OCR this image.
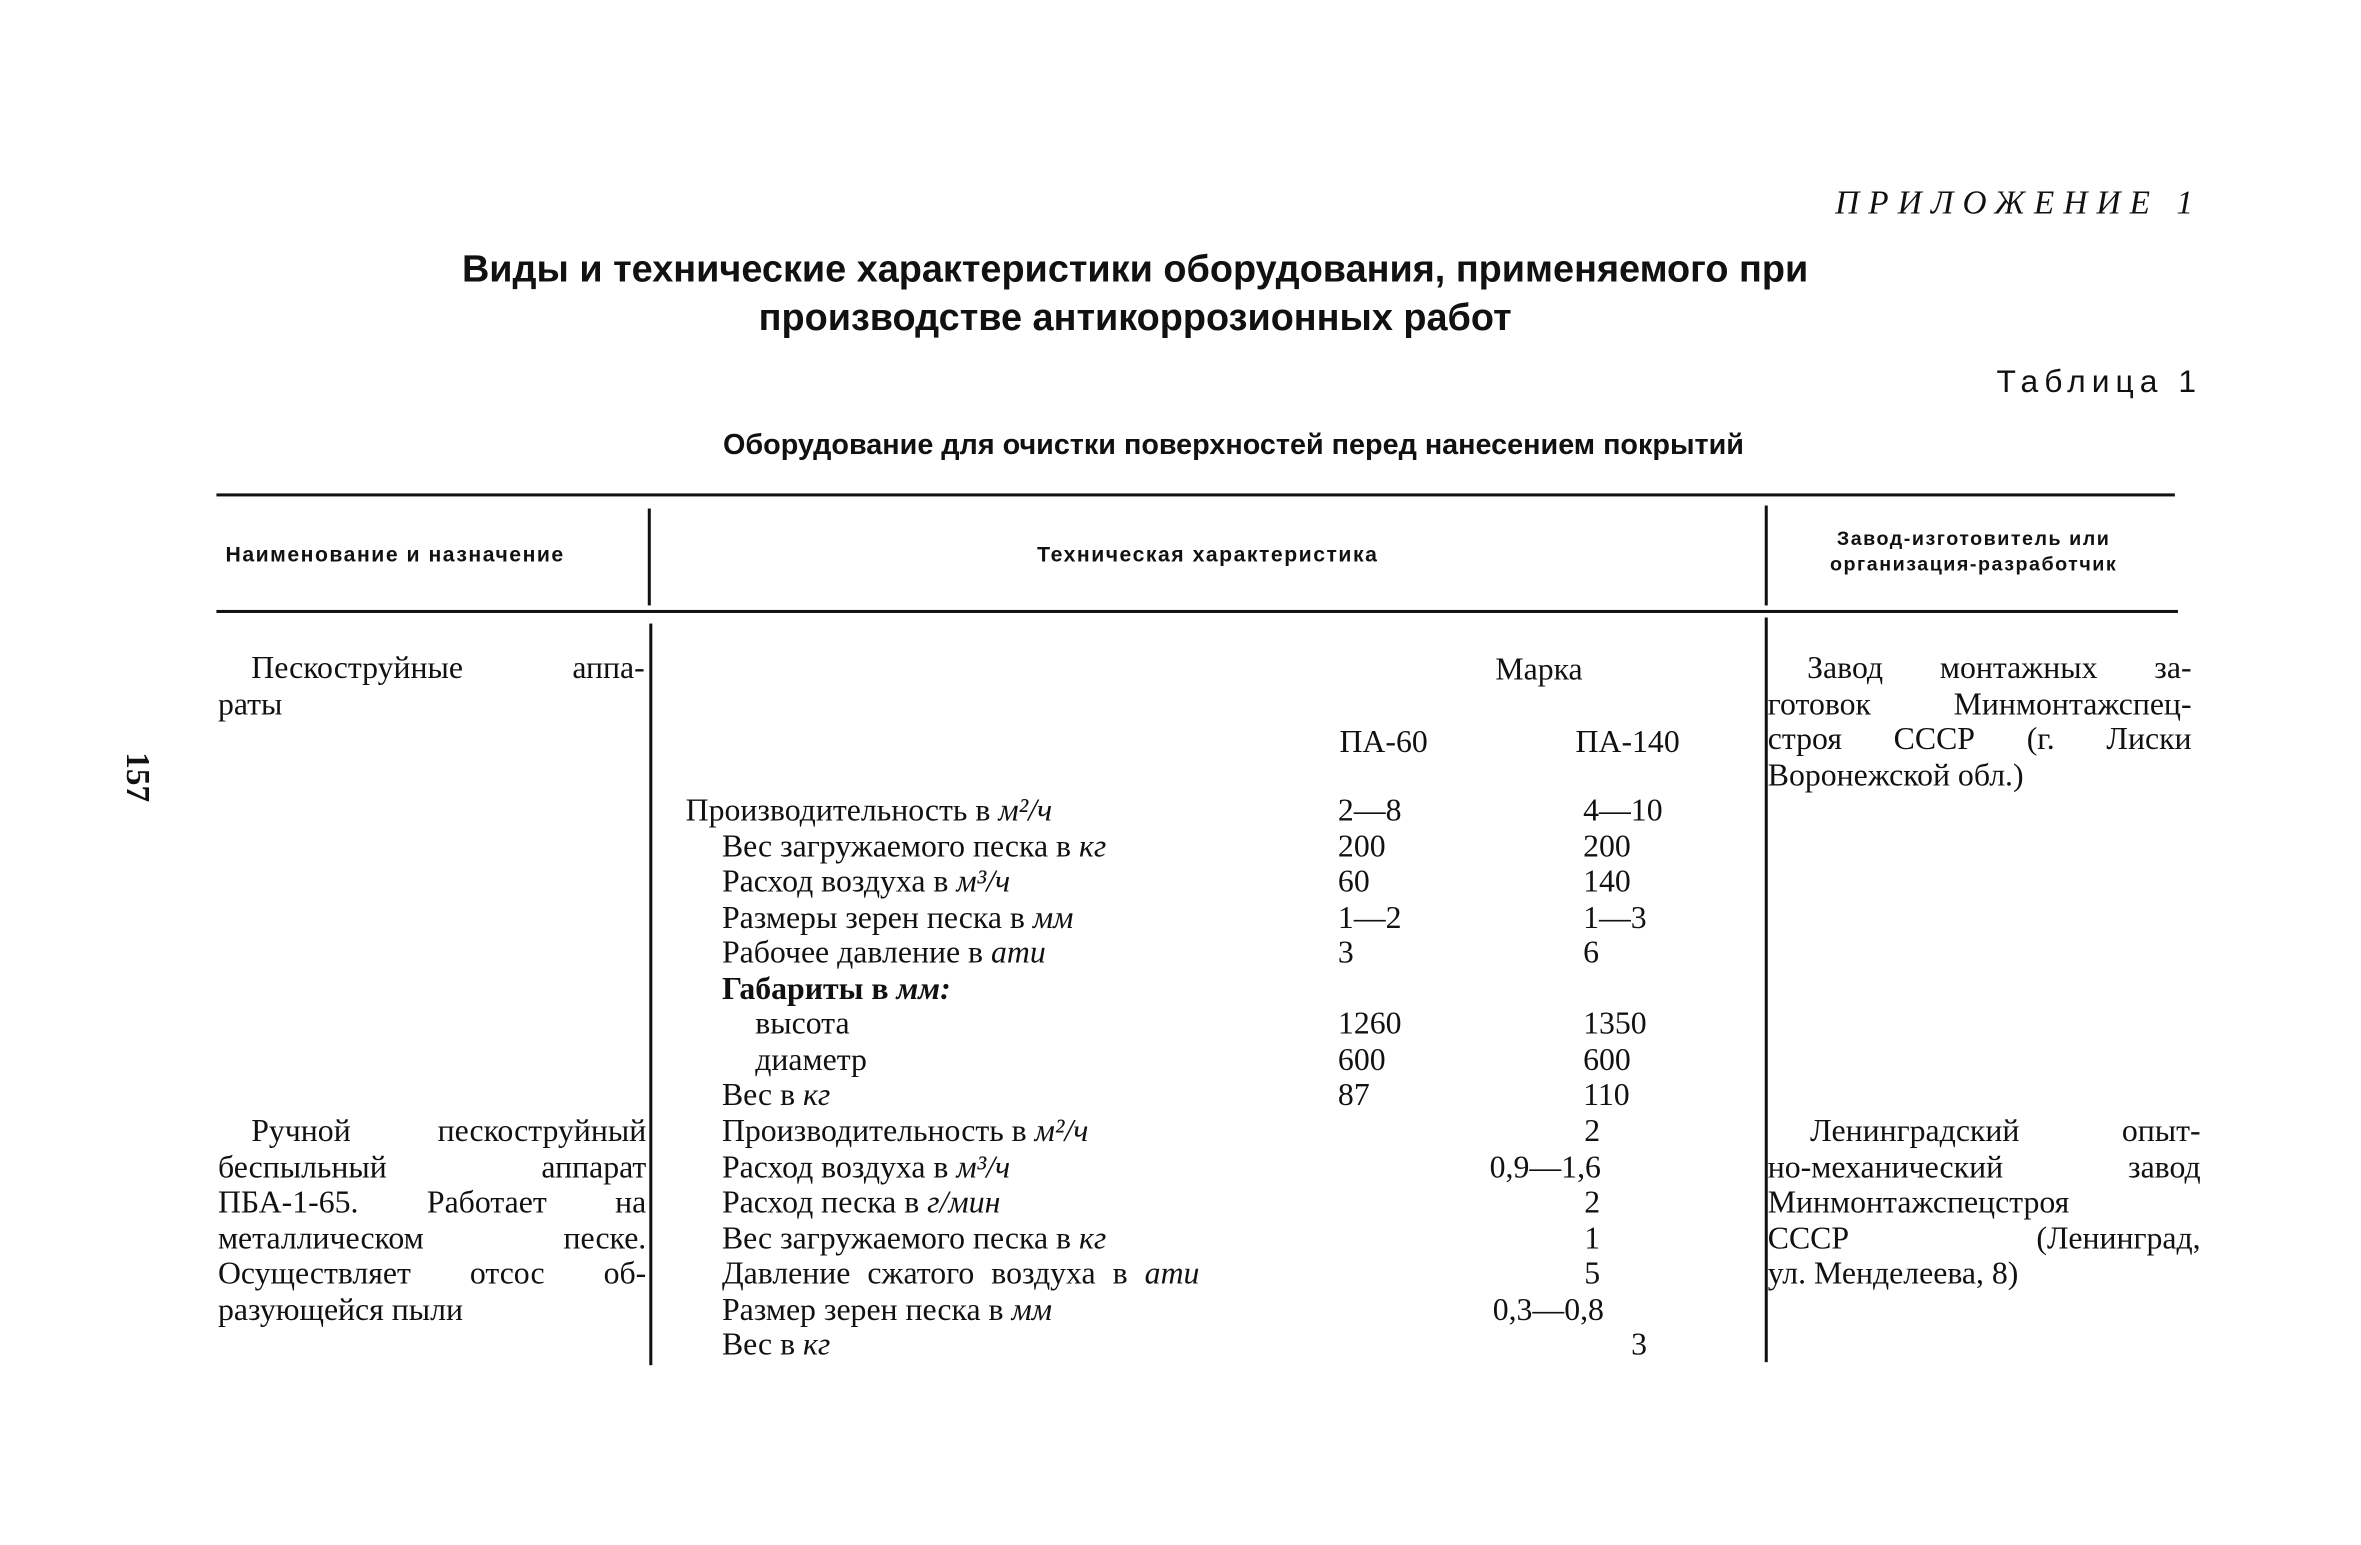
ПРИЛОЖЕНИЕ 1
Виды и технические характеристики оборудования, применяемого при
производстве антикоррозионных работ
Таблица 1
Оборудование для очистки поверхностей перед нанесением покрытий
157
Наименование и назначение	Техническая характеристика
Завод-изготовитель или
организация-разработчик
Пескоструйные аппа-
раты
Марка
ПА-60	ПА-140
Завод монтажных за-
готовок Минмонтажспец-
строя СССР (г. Лиски
Воронежской обл.)
Производительность в м²/ч	2—8	4—10
Вес загружаемого песка в кг	200	200
Расход воздуха в м³/ч	60	140
Размеры зерен песка в мм	1—2	1—3
Рабочее давление в ати	3	6
Габариты в мм:
высота	1260	1350
диаметр	600	600
Вес в кг	87	110
Ручной пескоструйный
беспыльный аппарат
ПБА-1-65. Работает на
металлическом песке.
Осуществляет отсос об-
разующейся пыли
Ленинградский опыт-
но-механический завод
Минмонтажспецстроя
СССР (Ленинград,
ул. Менделеева, 8)
Производительность в м²/ч	2
Расход воздуха в м³/ч	0,9—1,6
Расход песка в г/мин	2
Вес загружаемого песка в кг	1
Давление сжатого воздуха в ати	5
Размер зерен песка в мм	0,3—0,8
Вес в кг	3
